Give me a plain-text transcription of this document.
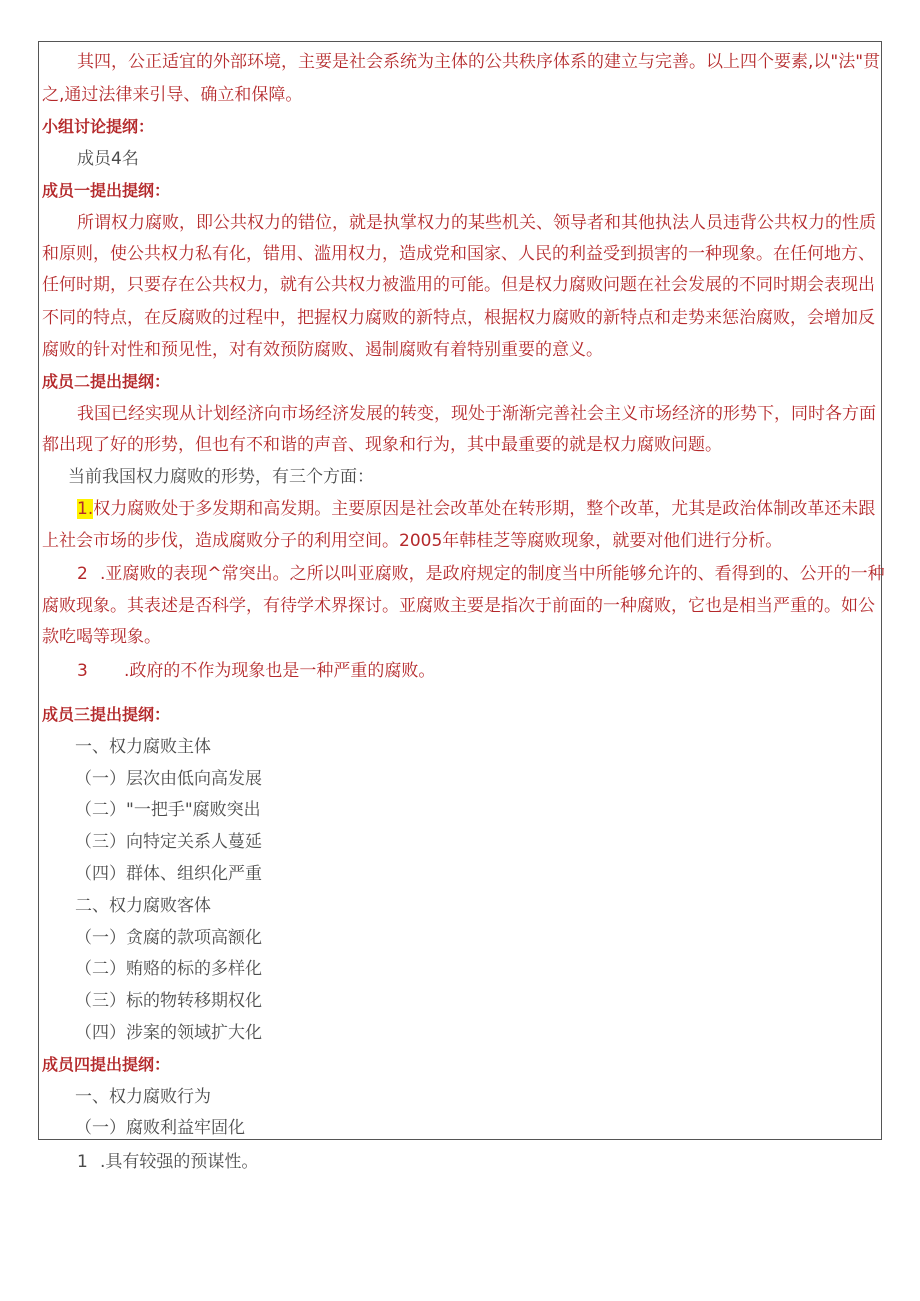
其四，公正适宜的外部环境，主要是社会系统为主体的公共秩序体系的建立与完善。以上四个要素,以"法"贯
之,通过法律来引导、确立和保障。
小组讨论提纲：
成员4名
成员一提出提纲：
所谓权力腐败，即公共权力的错位，就是执掌权力的某些机关、领导者和其他执法人员违背公共权力的性质
和原则，使公共权力私有化，错用、滥用权力，造成党和国家、人民的利益受到损害的一种现象。在任何地方、
任何时期，只要存在公共权力，就有公共权力被滥用的可能。但是权力腐败问题在社会发展的不同时期会表现出
不同的特点，在反腐败的过程中，把握权力腐败的新特点，根据权力腐败的新特点和走势来惩治腐败，会增加反
腐败的针对性和预见性，对有效预防腐败、遏制腐败有着特别重要的意义。
成员二提出提纲：
我国已经实现从计划经济向市场经济发展的转变，现处于渐渐完善社会主义市场经济的形势下，同时各方面
都出现了好的形势，但也有不和谐的声音、现象和行为，其中最重要的就是权力腐败问题。
当前我国权力腐败的形势，有三个方面：
1.权力腐败处于多发期和高发期。主要原因是社会改革处在转形期，整个改革，尤其是政治体制改革还未跟
上社会市场的步伐，造成腐败分子的利用空间。2005年韩桂芝等腐败现象，就要对他们进行分析。
2 .亚腐败的表现^常突出。之所以叫亚腐败，是政府规定的制度当中所能够允许的、看得到的、公开的一种
腐败现象。其表述是否科学，有待学术界探讨。亚腐败主要是指次于前面的一种腐败，它也是相当严重的。如公
款吃喝等现象。
3 .政府的不作为现象也是一种严重的腐败。
成员三提出提纲：
一、权力腐败主体
（一）层次由低向高发展
（二）"一把手"腐败突出
（三）向特定关系人蔓延
（四）群体、组织化严重
二、权力腐败客体
（一）贪腐的款项高额化
（二）贿赂的标的多样化
（三）标的物转移期权化
（四）涉案的领域扩大化
成员四提出提纲：
一、权力腐败行为
（一）腐败利益牢固化
1 .具有较强的预谋性。
